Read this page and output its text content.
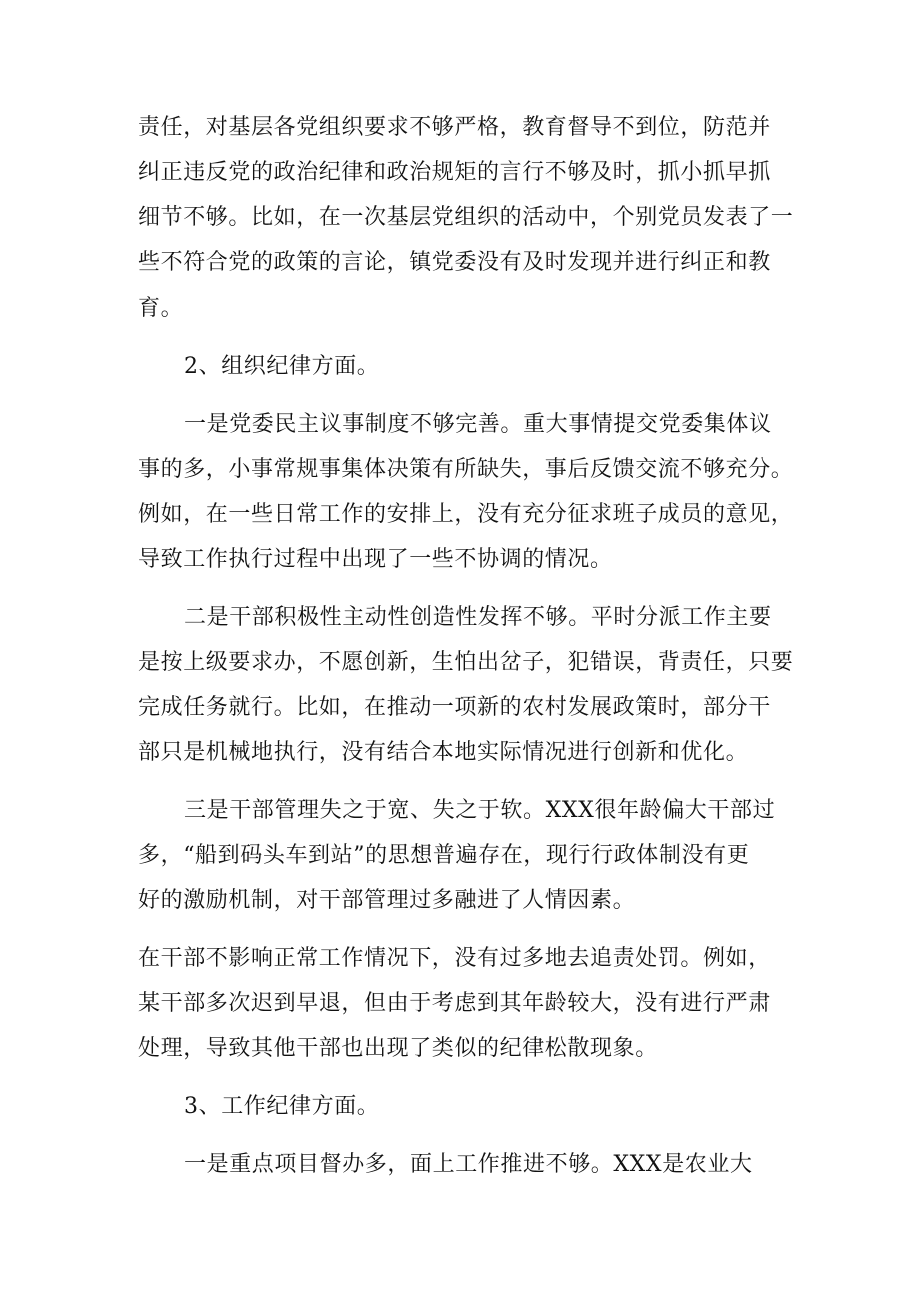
责任，对基层各党组织要求不够严格，教育督导不到位，防范并
纠正违反党的政治纪律和政治规矩的言行不够及时，抓小抓早抓
细节不够。比如，在一次基层党组织的活动中，个别党员发表了一
些不符合党的政策的言论，镇党委没有及时发现并进行纠正和教
育。
2、组织纪律方面。
一是党委民主议事制度不够完善。重大事情提交党委集体议
事的多，小事常规事集体决策有所缺失，事后反馈交流不够充分。
例如，在一些日常工作的安排上，没有充分征求班子成员的意见，
导致工作执行过程中出现了一些不协调的情况。
二是干部积极性主动性创造性发挥不够。平时分派工作主要
是按上级要求办，不愿创新，生怕出岔子，犯错误，背责任，只要
完成任务就行。比如，在推动一项新的农村发展政策时，部分干
部只是机械地执行，没有结合本地实际情况进行创新和优化。
三是干部管理失之于宽、失之于软。XXX很年龄偏大干部过
多，“船到码头车到站”的思想普遍存在，现行行政体制没有更
好的激励机制，对干部管理过多融进了人情因素。
在干部不影响正常工作情况下，没有过多地去追责处罚。例如，
某干部多次迟到早退，但由于考虑到其年龄较大，没有进行严肃
处理，导致其他干部也出现了类似的纪律松散现象。
3、工作纪律方面。
一是重点项目督办多，面上工作推进不够。XXX是农业大
